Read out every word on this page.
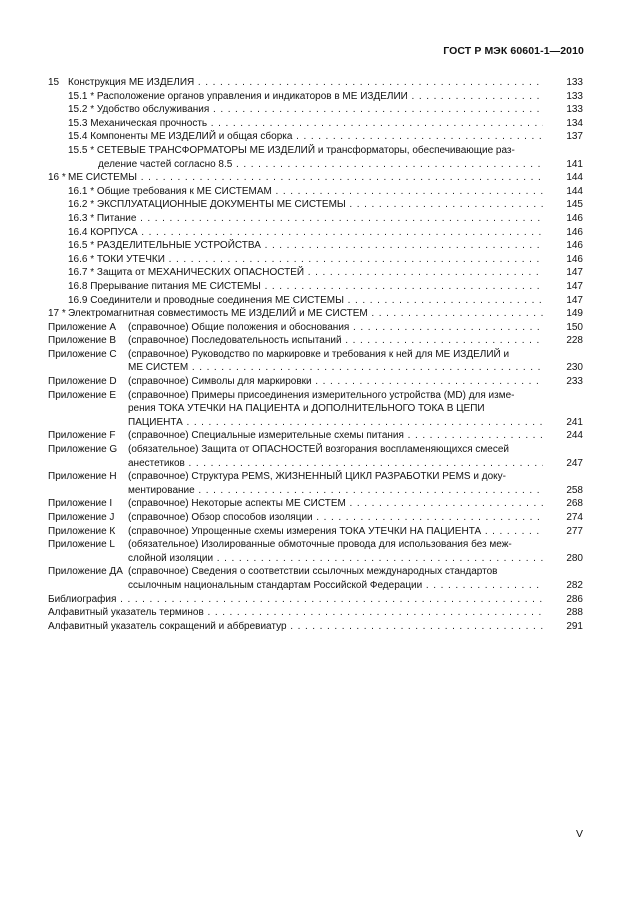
ГОСТ Р МЭК 60601-1—2010
15 Конструкция МЕ ИЗДЕЛИЯ . . .	133
15.1 * Расположение органов управления и индикаторов в МЕ ИЗДЕЛИИ . . .	133
15.2 * Удобство обслуживания . . .	133
15.3 Механическая прочность . . .	134
15.4 Компоненты МЕ ИЗДЕЛИЙ и общая сборка . . .	137
15.5 * СЕТЕВЫЕ ТРАНСФОРМАТОРЫ МЕ ИЗДЕЛИЙ и трансформаторы, обеспечивающие раз-
деление частей согласно 8.5 . . .	141
16 * МЕ СИСТЕМЫ . . .	144
16.1 * Общие требования к МЕ СИСТЕМАМ . . .	144
16.2 * ЭКСПЛУАТАЦИОННЫЕ ДОКУМЕНТЫ МЕ СИСТЕМЫ . . .	145
16.3 * Питание . . .	146
16.4 КОРПУСА . . .	146
16.5 * РАЗДЕЛИТЕЛЬНЫЕ УСТРОЙСТВА . . .	146
16.6 * ТОКИ УТЕЧКИ . . .	146
16.7 * Защита от МЕХАНИЧЕСКИХ ОПАСНОСТЕЙ . . .	147
16.8 Прерывание питания МЕ СИСТЕМЫ . . .	147
16.9 Соединители и проводные соединения МЕ СИСТЕМЫ . . .	147
17 * Электромагнитная совместимость МЕ ИЗДЕЛИЙ и МЕ СИСТЕМ . . .	149
Приложение А (справочное) Общие положения и обоснования . . .	150
Приложение В (справочное) Последовательность испытаний . . .	228
Приложение С (справочное) Руководство по маркировке и требования к ней для МЕ ИЗДЕЛИЙ и
МЕ СИСТЕМ . . .	230
Приложение D (справочное) Символы для маркировки . . .	233
Приложение Е (справочное) Примеры присоединения измерительного устройства (MD) для изме-
рения ТОКА УТЕЧКИ НА ПАЦИЕНТА и ДОПОЛНИТЕЛЬНОГО ТОКА В ЦЕПИ
ПАЦИЕНТА . . .	241
Приложение F (справочное) Специальные измерительные схемы питания . . .	244
Приложение G (обязательное) Защита от ОПАСНОСТЕЙ возгорания воспламеняющихся смесей
анестетиков . . .	247
Приложение Н (справочное) Структура PEMS, ЖИЗНЕННЫЙ ЦИКЛ РАЗРАБОТКИ PEMS и доку-
ментирование . . .	258
Приложение I (справочное) Некоторые аспекты МЕ СИСТЕМ . . .	268
Приложение J (справочное) Обзор способов изоляции . . .	274
Приложение К (справочное) Упрощенные схемы измерения ТОКА УТЕЧКИ НА ПАЦИЕНТА . . .	277
Приложение L (обязательное) Изолированные обмоточные провода для использования без меж-
слойной изоляции . . .	280
Приложение ДА (справочное) Сведения о соответствии ссылочных международных стандартов
ссылочным национальным стандартам Российской Федерации . . .	282
Библиография . . .	286
Алфавитный указатель терминов . . .	288
Алфавитный указатель сокращений и аббревиатур . . .	291
V
